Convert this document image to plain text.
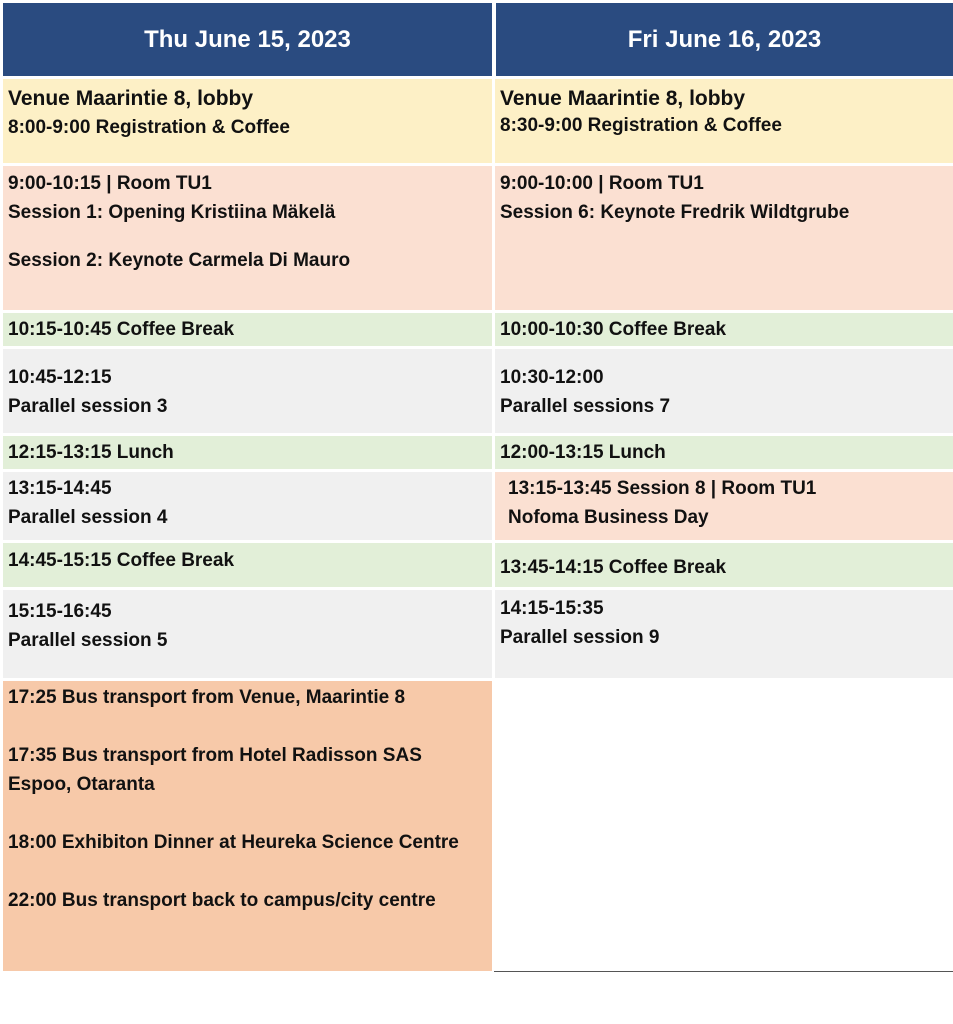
Thu June 15, 2023	Fri June 16, 2023
Venue Maarintie 8, lobby
8:00-9:00 Registration & Coffee
9:00-10:15 | Room TU1
Session 1: Opening Kristiina Mäkelä
Session 2: Keynote Carmela Di Mauro
10:15-10:45 Coffee Break
10:45-12:15
Parallel session 3
12:15-13:15 Lunch
13:15-14:45
Parallel session 4
14:45-15:15 Coffee Break
15:15-16:45
Parallel session 5
17:25 Bus transport from Venue, Maarintie 8
17:35 Bus transport from Hotel Radisson SAS
Espoo, Otaranta
18:00 Exhibiton Dinner at Heureka Science Centre
22:00 Bus transport back to campus/city centre
Venue Maarintie 8, lobby
8:30-9:00 Registration & Coffee
9:00-10:00 | Room TU1
Session 6: Keynote Fredrik Wildtgrube
10:00-10:30 Coffee Break
10:30-12:00
Parallel sessions 7
12:00-13:15 Lunch
13:15-13:45 Session 8 | Room TU1
Nofoma Business Day
13:45-14:15 Coffee Break
14:15-15:35
Parallel session 9
